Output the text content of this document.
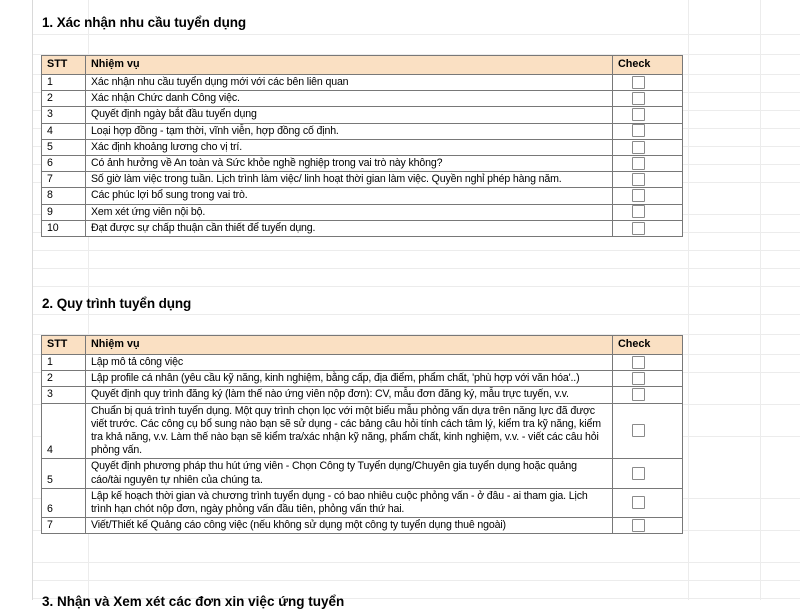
1. Xác nhận nhu cầu tuyển dụng
STT	Nhiệm vụ	Check
1	Xác nhận nhu cầu tuyển dụng mới với các bên liên quan	
2	Xác nhận Chức danh Công việc.	
3	Quyết định ngày bắt đầu tuyển dụng	
4	Loại hợp đồng - tạm thời, vĩnh viễn, hợp đồng cố định.	
5	Xác định khoảng lương cho vị trí.	
6	Có ảnh hưởng về An toàn và Sức khỏe nghề nghiệp trong vai trò này không?	
7	Số giờ làm việc trong tuần. Lịch trình làm việc/ linh hoạt thời gian làm việc. Quyền nghỉ phép hàng năm.	
8	Các phúc lợi bổ sung trong vai trò.	
9	Xem xét ứng viên nội bộ.	
10	Đạt được sự chấp thuận cần thiết để tuyển dụng.	
2. Quy trình tuyển dụng
STT	Nhiệm vụ	Check
1	Lập mô tả công việc	
2	Lập profile cá nhân (yêu cầu kỹ năng, kinh nghiệm, bằng cấp, địa điểm, phẩm chất, 'phù hợp với văn hóa'..)	
3	Quyết định quy trình đăng ký (làm thế nào ứng viên nộp đơn): CV, mẫu đơn đăng ký, mẫu trực tuyến, v.v.	
4	Chuẩn bị quá trình tuyển dụng. Một quy trình chọn lọc với một biểu mẫu phỏng vấn dựa trên năng lực đã được viết trước. Các công cụ bổ sung nào bạn sẽ sử dụng - các bảng câu hỏi tính cách tâm lý, kiểm tra kỹ năng, kiểm tra khả năng, v.v. Làm thế nào bạn sẽ kiểm tra/xác nhận kỹ năng, phẩm chất, kinh nghiệm, v.v. - viết các câu hỏi phỏng vấn.	
5	Quyết định phương pháp thu hút ứng viên - Chọn Công ty Tuyển dụng/Chuyên gia tuyển dụng hoặc quảng cáo/tài nguyên tự nhiên của chúng ta.	
6	Lập kế hoạch thời gian và chương trình tuyển dụng - có bao nhiêu cuộc phỏng vấn - ở đâu - ai tham gia. Lịch trình hạn chót nộp đơn, ngày phỏng vấn đầu tiên, phỏng vấn thứ hai.	
7	Viết/Thiết kế Quảng cáo công việc (nếu không sử dụng một công ty tuyển dụng thuê ngoài)	
3. Nhận và Xem xét các đơn xin việc ứng tuyển
